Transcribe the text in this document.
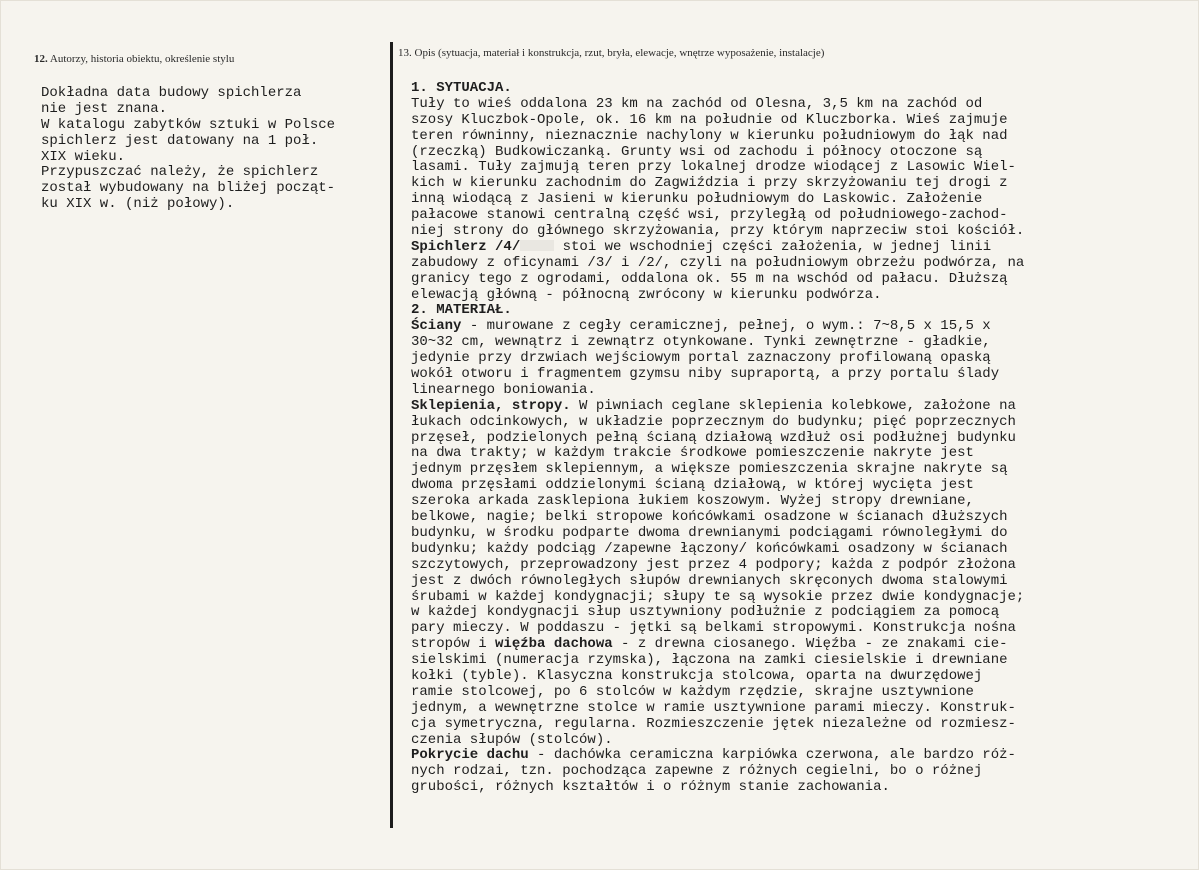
12. Autorzy, historia obiektu, określenie stylu	13. Opis (sytuacja, materiał i konstrukcja, rzut, bryła, elewacje, wnętrze wyposażenie, instalacje)
Dokładna data budowy spichlerza
nie jest znana.
W katalogu zabytków sztuki w Polsce
spichlerz jest datowany na 1 poł.
XIX wieku.
Przypuszczać należy, że spichlerz
został wybudowany na bliżej począt-
ku XIX w. (niż połowy).
1. SYTUACJA.
Tuły to wieś oddalona 23 km na zachód od Olesna, 3,5 km na zachód od
szosy Kluczbok-Opole, ok. 16 km na południe od Kluczborka. Wieś zajmuje
teren równinny, nieznacznie nachylony w kierunku południowym do łąk nad
(rzeczką) Budkowiczanką. Grunty wsi od zachodu i północy otoczone są
lasami. Tuły zajmują teren przy lokalnej drodze wiodącej z Lasowic Wiel-
kich w kierunku zachodnim do Zagwiździa i przy skrzyżowaniu tej drogi z
inną wiodącą z Jasieni w kierunku południowym do Laskowic. Założenie
pałacowe stanowi centralną część wsi, przyległą od południowego-zachod-
niej strony do głównego skrzyżowania, przy którym naprzeciw stoi kościół.
Spichlerz /4/ stoi we wschodniej części założenia, w jednej linii
zabudowy z oficynami /3/ i /2/, czyli na południowym obrzeżu podwórza, na
granicy tego z ogrodami, oddalona ok. 55 m na wschód od pałacu. Dłuższą
elewacją główną - północną zwrócony w kierunku podwórza.
2. MATERIAŁ.
Ściany - murowane z cegły ceramicznej, pełnej, o wym.: 7~8,5 x 15,5 x
30~32 cm, wewnątrz i zewnątrz otynkowane. Tynki zewnętrzne - gładkie,
jedynie przy drzwiach wejściowym portal zaznaczony profilowaną opaską
wokół otworu i fragmentem gzymsu niby supraportą, a przy portalu ślady
linearnego boniowania.
Sklepienia, stropy. W piwniach ceglane sklepienia kolebkowe, założone na
łukach odcinkowych, w układzie poprzecznym do budynku; pięć poprzecznych
przęseł, podzielonych pełną ścianą działową wzdłuż osi podłużnej budynku
na dwa trakty; w każdym trakcie środkowe pomieszczenie nakryte jest
jednym przęsłem sklepiennym, a większe pomieszczenia skrajne nakryte są
dwoma przęsłami oddzielonymi ścianą działową, w której wycięta jest
szeroka arkada zasklepiona łukiem koszowym. Wyżej stropy drewniane,
belkowe, nagie; belki stropowe końcówkami osadzone w ścianach dłuższych
budynku, w środku podparte dwoma drewnianymi podciągami równoległymi do
budynku; każdy podciąg /zapewne łączony/ końcówkami osadzony w ścianach
szczytowych, przeprowadzony jest przez 4 podpory; każda z podpór złożona
jest z dwóch równoległych słupów drewnianych skręconych dwoma stalowymi
śrubami w każdej kondygnacji; słupy te są wysokie przez dwie kondygnacje;
w każdej kondygnacji słup usztywniony podłużnie z podciągiem za pomocą
pary mieczy. W poddaszu - jętki są belkami stropowymi. Konstrukcja nośna
stropów i więźba dachowa - z drewna ciosanego. Więźba - ze znakami cie-
sielskimi (numeracja rzymska), łączona na zamki ciesielskie i drewniane
kołki (tyble). Klasyczna konstrukcja stolcowa, oparta na dwurzędowej
ramie stolcowej, po 6 stolców w każdym rzędzie, skrajne usztywnione
jednym, a wewnętrzne stolce w ramie usztywnione parami mieczy. Konstruk-
cja symetryczna, regularna. Rozmieszczenie jętek niezależne od rozmiesz-
czenia słupów (stolców).
Pokrycie dachu - dachówka ceramiczna karpiówka czerwona, ale bardzo róż-
nych rodzai, tzn. pochodząca zapewne z różnych cegielni, bo o różnej
grubości, różnych kształtów i o różnym stanie zachowania.
